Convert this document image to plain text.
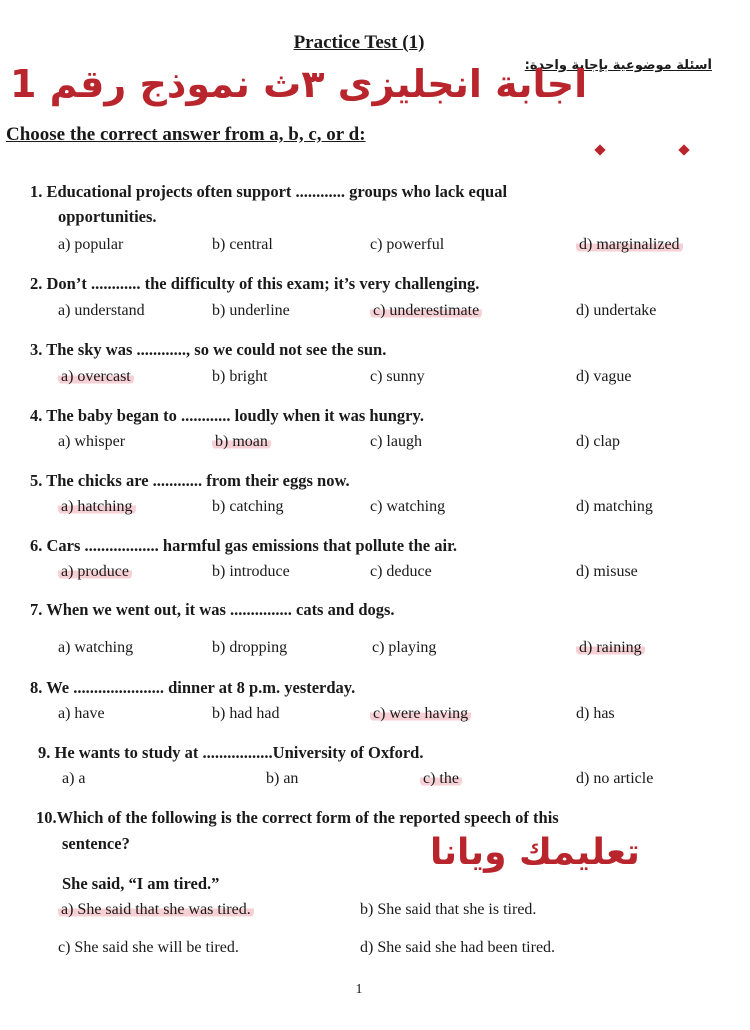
Practice Test (1)
أسئلة موضوعية بإجابة واحدة:
اجابة انجليزى ٣ث نموذج رقم 1
Choose the correct answer from a, b, c, or d:
1. Educational projects often support ............ groups who lack equal
opportunities.
a) popular	b) central	c) powerful	d) marginalized
2. Don’t ............ the difficulty of this exam; it’s very challenging.
a) understand	b) underline	c) underestimate	d) undertake
3. The sky was ............, so we could not see the sun.
a) overcast	b) bright	c) sunny	d) vague
4. The baby began to ............ loudly when it was hungry.
a) whisper	b) moan	c) laugh	d) clap
5. The chicks are ............ from their eggs now.
a) hatching	b) catching	c) watching	d) matching
6. Cars .................. harmful gas emissions that pollute the air.
a) produce	b) introduce	c) deduce	d) misuse
7. When we went out, it was ............... cats and dogs.
a) watching	b) dropping	c) playing	d) raining
8. We ...................... dinner at 8 p.m. yesterday.
a) have	b) had had	c) were having	d) has
9. He wants to study at .................University of Oxford.
a) a	b) an	c) the	d) no article
10.Which of the following is the correct form of the reported speech of this
sentence?
She said, “I am tired.”
a) She said that she was tired.	b) She said that she is tired.
c) She said she will be tired.	d) She said she had been tired.
تعليمك ويانا
1
